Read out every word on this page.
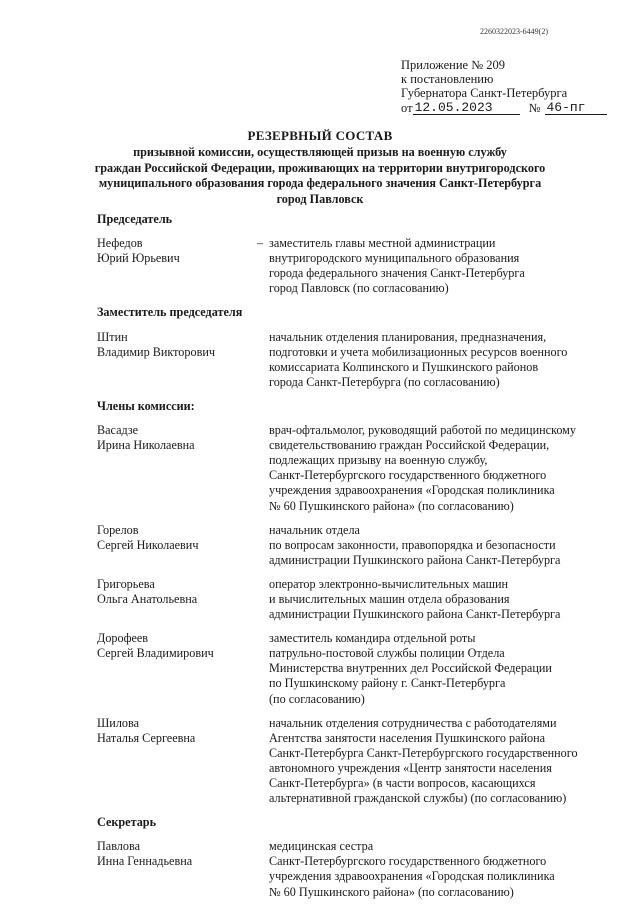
2260322023-6449(2)
Приложение № 209
к постановлению
Губернатора Санкт-Петербурга
от 12.05.2023	№ 46-пг
РЕЗЕРВНЫЙ СОСТАВ
призывной комиссии, осуществляющей призыв на военную службу
граждан Российской Федерации, проживающих на территории внутригородского
муниципального образования города федерального значения Санкт-Петербурга
город Павловск
Председатель
Нефедов
Юрий Юрьевич
– заместитель главы местной администрации
внутригородского муниципального образования
города федерального значения Санкт-Петербурга
город Павловск (по согласованию)
Заместитель председателя
Штин
Владимир Викторович
начальник отделения планирования, предназначения,
подготовки и учета мобилизационных ресурсов военного
комиссариата Колпинского и Пушкинского районов
города Санкт-Петербурга (по согласованию)
Члены комиссии:
Васадзе
Ирина Николаевна
врач-офтальмолог, руководящий работой по медицинскому
свидетельствованию граждан Российской Федерации,
подлежащих призыву на военную службу,
Санкт-Петербургского государственного бюджетного
учреждения здравоохранения «Городская поликлиника
№ 60 Пушкинского района» (по согласованию)
Горелов
Сергей Николаевич
начальник отдела
по вопросам законности, правопорядка и безопасности
администрации Пушкинского района Санкт-Петербурга
Григорьева
Ольга Анатольевна
оператор электронно-вычислительных машин
и вычислительных машин отдела образования
администрации Пушкинского района Санкт-Петербурга
Дорофеев
Сергей Владимирович
заместитель командира отдельной роты
патрульно-постовой службы полиции Отдела
Министерства внутренних дел Российской Федерации
по Пушкинскому району г. Санкт-Петербурга
(по согласованию)
Шилова
Наталья Сергеевна
начальник отделения сотрудничества с работодателями
Агентства занятости населения Пушкинского района
Санкт-Петербурга Санкт-Петербургского государственного
автономного учреждения «Центр занятости населения
Санкт-Петербурга» (в части вопросов, касающихся
альтернативной гражданской службы) (по согласованию)
Секретарь
Павлова
Инна Геннадьевна
медицинская сестра
Санкт-Петербургского государственного бюджетного
учреждения здравоохранения «Городская поликлиника
№ 60 Пушкинского района» (по согласованию)
